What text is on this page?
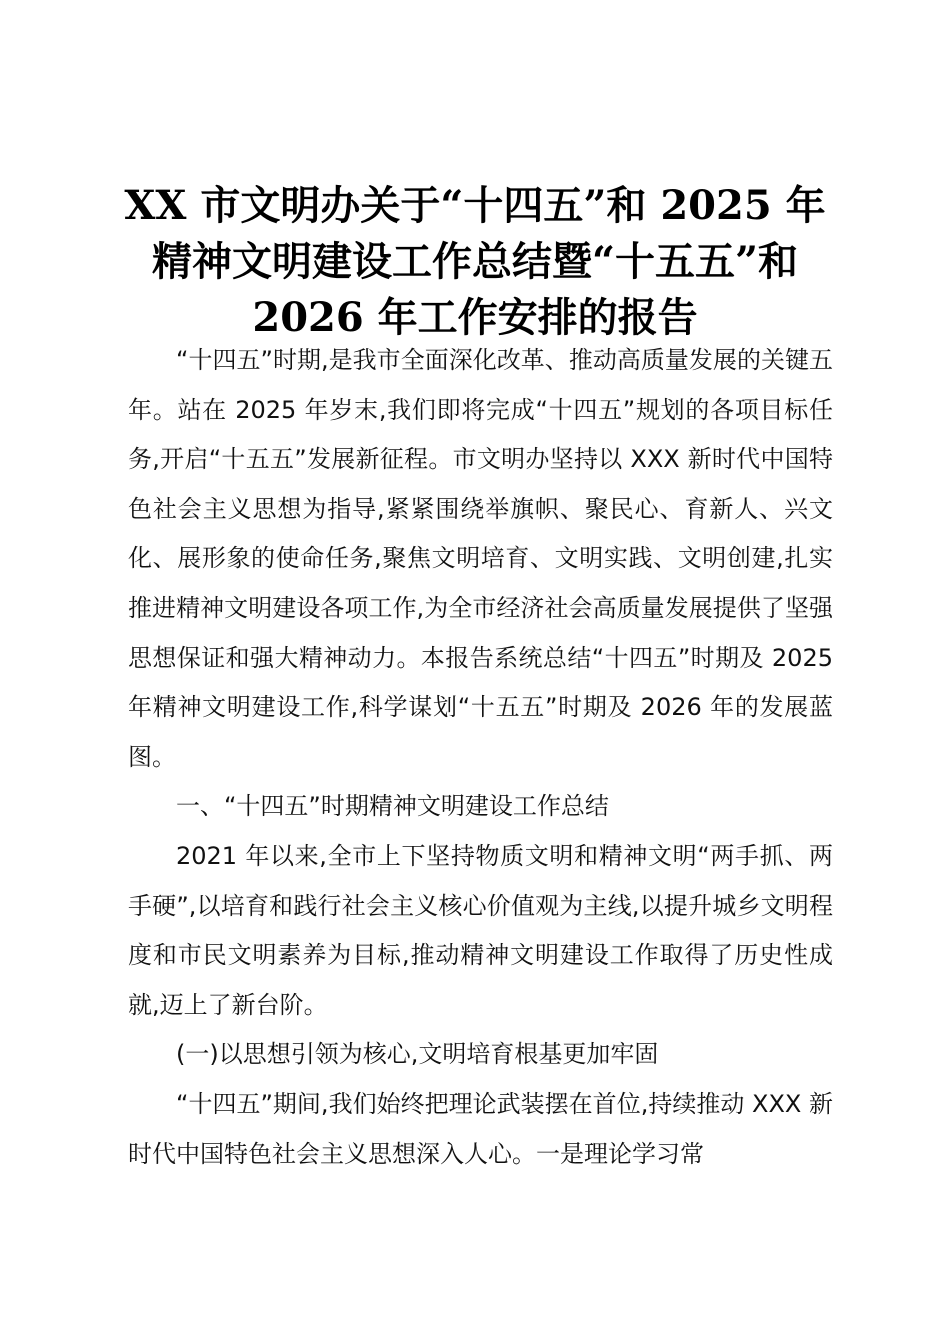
XX 市文明办关于“十四五”和 2025 年
精神文明建设工作总结暨“十五五”和
2026 年工作安排的报告

“十四五”时期,是我市全面深化改革、推动高质量发展的关键五年。站在 2025 年岁末,我们即将完成“十四五”规划的各项目标任务,开启“十五五”发展新征程。市文明办坚持以 XXX 新时代中国特色社会主义思想为指导,紧紧围绕举旗帜、聚民心、育新人、兴文化、展形象的使命任务,聚焦文明培育、文明实践、文明创建,扎实推进精神文明建设各项工作,为全市经济社会高质量发展提供了坚强思想保证和强大精神动力。本报告系统总结“十四五”时期及 2025 年精神文明建设工作,科学谋划“十五五”时期及 2026 年的发展蓝图。

一、“十四五”时期精神文明建设工作总结

2021 年以来,全市上下坚持物质文明和精神文明“两手抓、两手硬”,以培育和践行社会主义核心价值观为主线,以提升城乡文明程度和市民文明素养为目标,推动精神文明建设工作取得了历史性成就,迈上了新台阶。

(一)以思想引领为核心,文明培育根基更加牢固

“十四五”期间,我们始终把理论武装摆在首位,持续推动 XXX 新时代中国特色社会主义思想深入人心。一是理论学习常
